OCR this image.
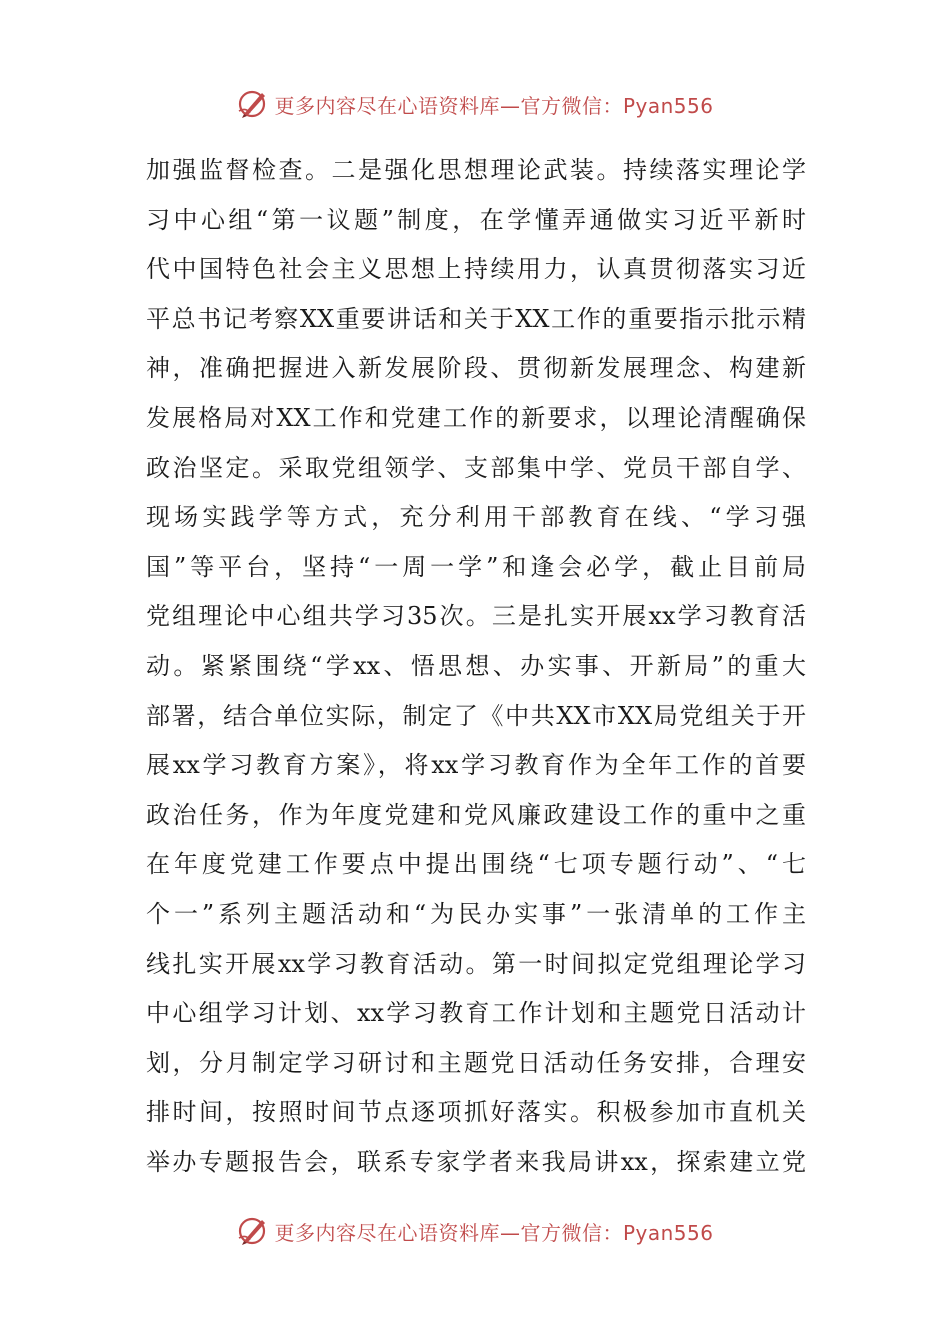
更多内容尽在心语资料库—官方微信：Pyan556
加强监督检查。二是强化思想理论武装。持续落实理论学
习中心组“第一议题”制度，在学懂弄通做实习近平新时
代中国特色社会主义思想上持续用力，认真贯彻落实习近
平总书记考察XX重要讲话和关于XX工作的重要指示批示精
神，准确把握进入新发展阶段、贯彻新发展理念、构建新
发展格局对XX工作和党建工作的新要求，以理论清醒确保
政治坚定。采取党组领学、支部集中学、党员干部自学、
现场实践学等方式，充分利用干部教育在线、“学习强
国”等平台，坚持“一周一学”和逢会必学，截止目前局
党组理论中心组共学习35次。三是扎实开展xx学习教育活
动。紧紧围绕“学xx、悟思想、办实事、开新局”的重大
部署，结合单位实际，制定了《中共XX市XX局党组关于开
展xx学习教育方案》，将xx学习教育作为全年工作的首要
政治任务，作为年度党建和党风廉政建设工作的重中之重
在年度党建工作要点中提出围绕“七项专题行动”、“七
个一”系列主题活动和“为民办实事”一张清单的工作主
线扎实开展xx学习教育活动。第一时间拟定党组理论学习
中心组学习计划、xx学习教育工作计划和主题党日活动计
划，分月制定学习研讨和主题党日活动任务安排，合理安
排时间，按照时间节点逐项抓好落实。积极参加市直机关
举办专题报告会，联系专家学者来我局讲xx，探索建立党
更多内容尽在心语资料库—官方微信：Pyan556
